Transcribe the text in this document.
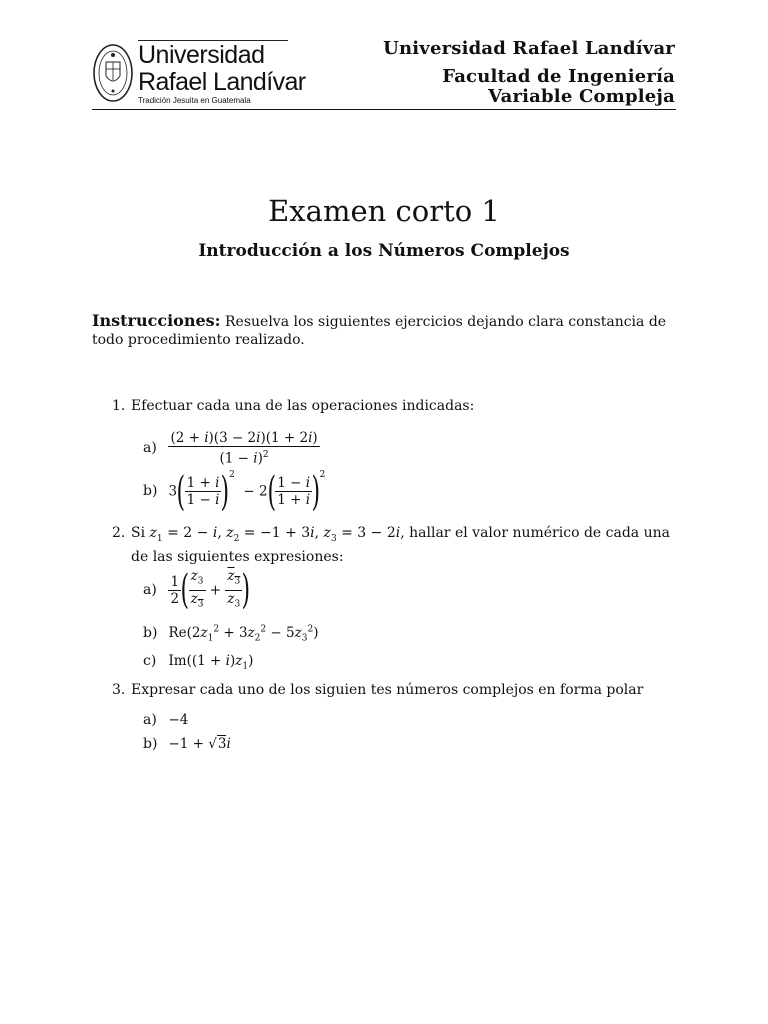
Universidad
Rafael Landívar
Tradición Jesuita en Guatemala
Universidad Rafael Landívar
Facultad de Ingeniería
Variable Compleja
Examen corto 1
Introducción a los Números Complejos
Instrucciones: Resuelva los siguientes ejercicios dejando clara constancia de todo procedimiento realizado.
1. Efectuar cada una de las operaciones indicadas:
$a) \frac{(2 + i)(3 - 2i)(1 + 2i)}{(1 - i)^2}$
b) $3( \frac{1 + i}{1 - i} )^2 - 2( \frac{1 - i}{1 + i} )^2$
2. Si $z_1 = 2 - i$, $z_2 = -1 + 3i$, $z_3 = 3 - 2i$, hallar el valor numérico de cada una de las siguientes expresiones:
$a) \frac{1}{2}$ ( $\frac{z_3}{z_3} + \frac{z_3}{z_3}$ )
b) $Re(2z_1^2 + 3z_2^2 - 5z_3^2)$
c) $Im((1 + i)z_1)$
3. Expresar cada uno de los siguien tes números complejos en forma polar
a) −4
b) −1 + √3i
